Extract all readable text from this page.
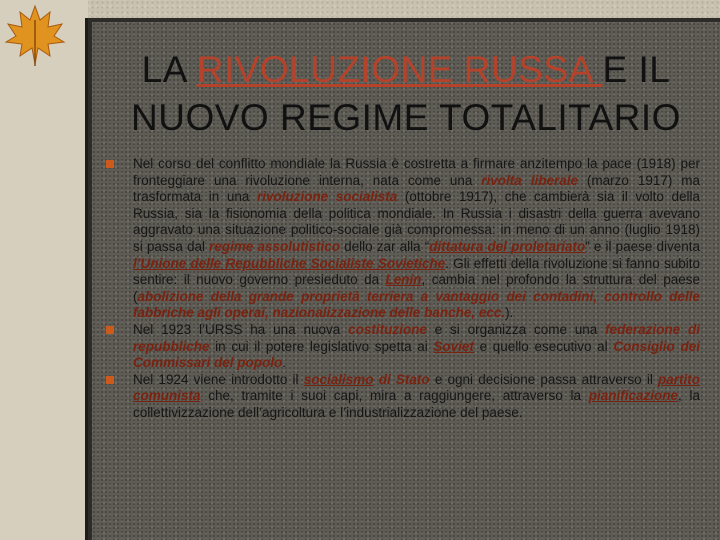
LA RIVOLUZIONE RUSSA E IL
NUOVO REGIME TOTALITARIO
Nel corso del conflitto mondiale la Russia è costretta a firmare anzitempo la pace (1918) per fronteggiare una rivoluzione interna, nata come una rivolta liberale (marzo 1917) ma trasformata in una rivoluzione socialista (ottobre 1917), che cambierà sia il volto della Russia, sia la fisionomia della politica mondiale. In Russia i disastri della guerra avevano aggravato una situazione politico-sociale già compromessa: in meno di un anno (luglio 1918) si passa dal regime assolutistico dello zar alla “dittatura del proletariato” e il paese diventa l’Unione delle Repubbliche Socialiste Sovietiche. Gli effetti della rivoluzione si fanno subito sentire: il nuovo governo presieduto da Lenin, cambia nel profondo la struttura del paese (abolizione della grande proprietà terriera a vantaggio dei contadini, controllo delle fabbriche agli operai, nazionalizzazione delle banche, ecc.).
Nel 1923 l’URSS ha una nuova costituzione e si organizza come una federazione di repubbliche in cui il potere legislativo spetta ai Soviet e quello esecutivo al Consiglio dei Commissari del popolo.
Nel 1924 viene introdotto il socialismo di Stato e ogni decisione passa attraverso il partito comunista che, tramite i suoi capi, mira a raggiungere, attraverso la pianificazione, la collettivizzazione dell’agricoltura e l’industrializzazione del paese.
